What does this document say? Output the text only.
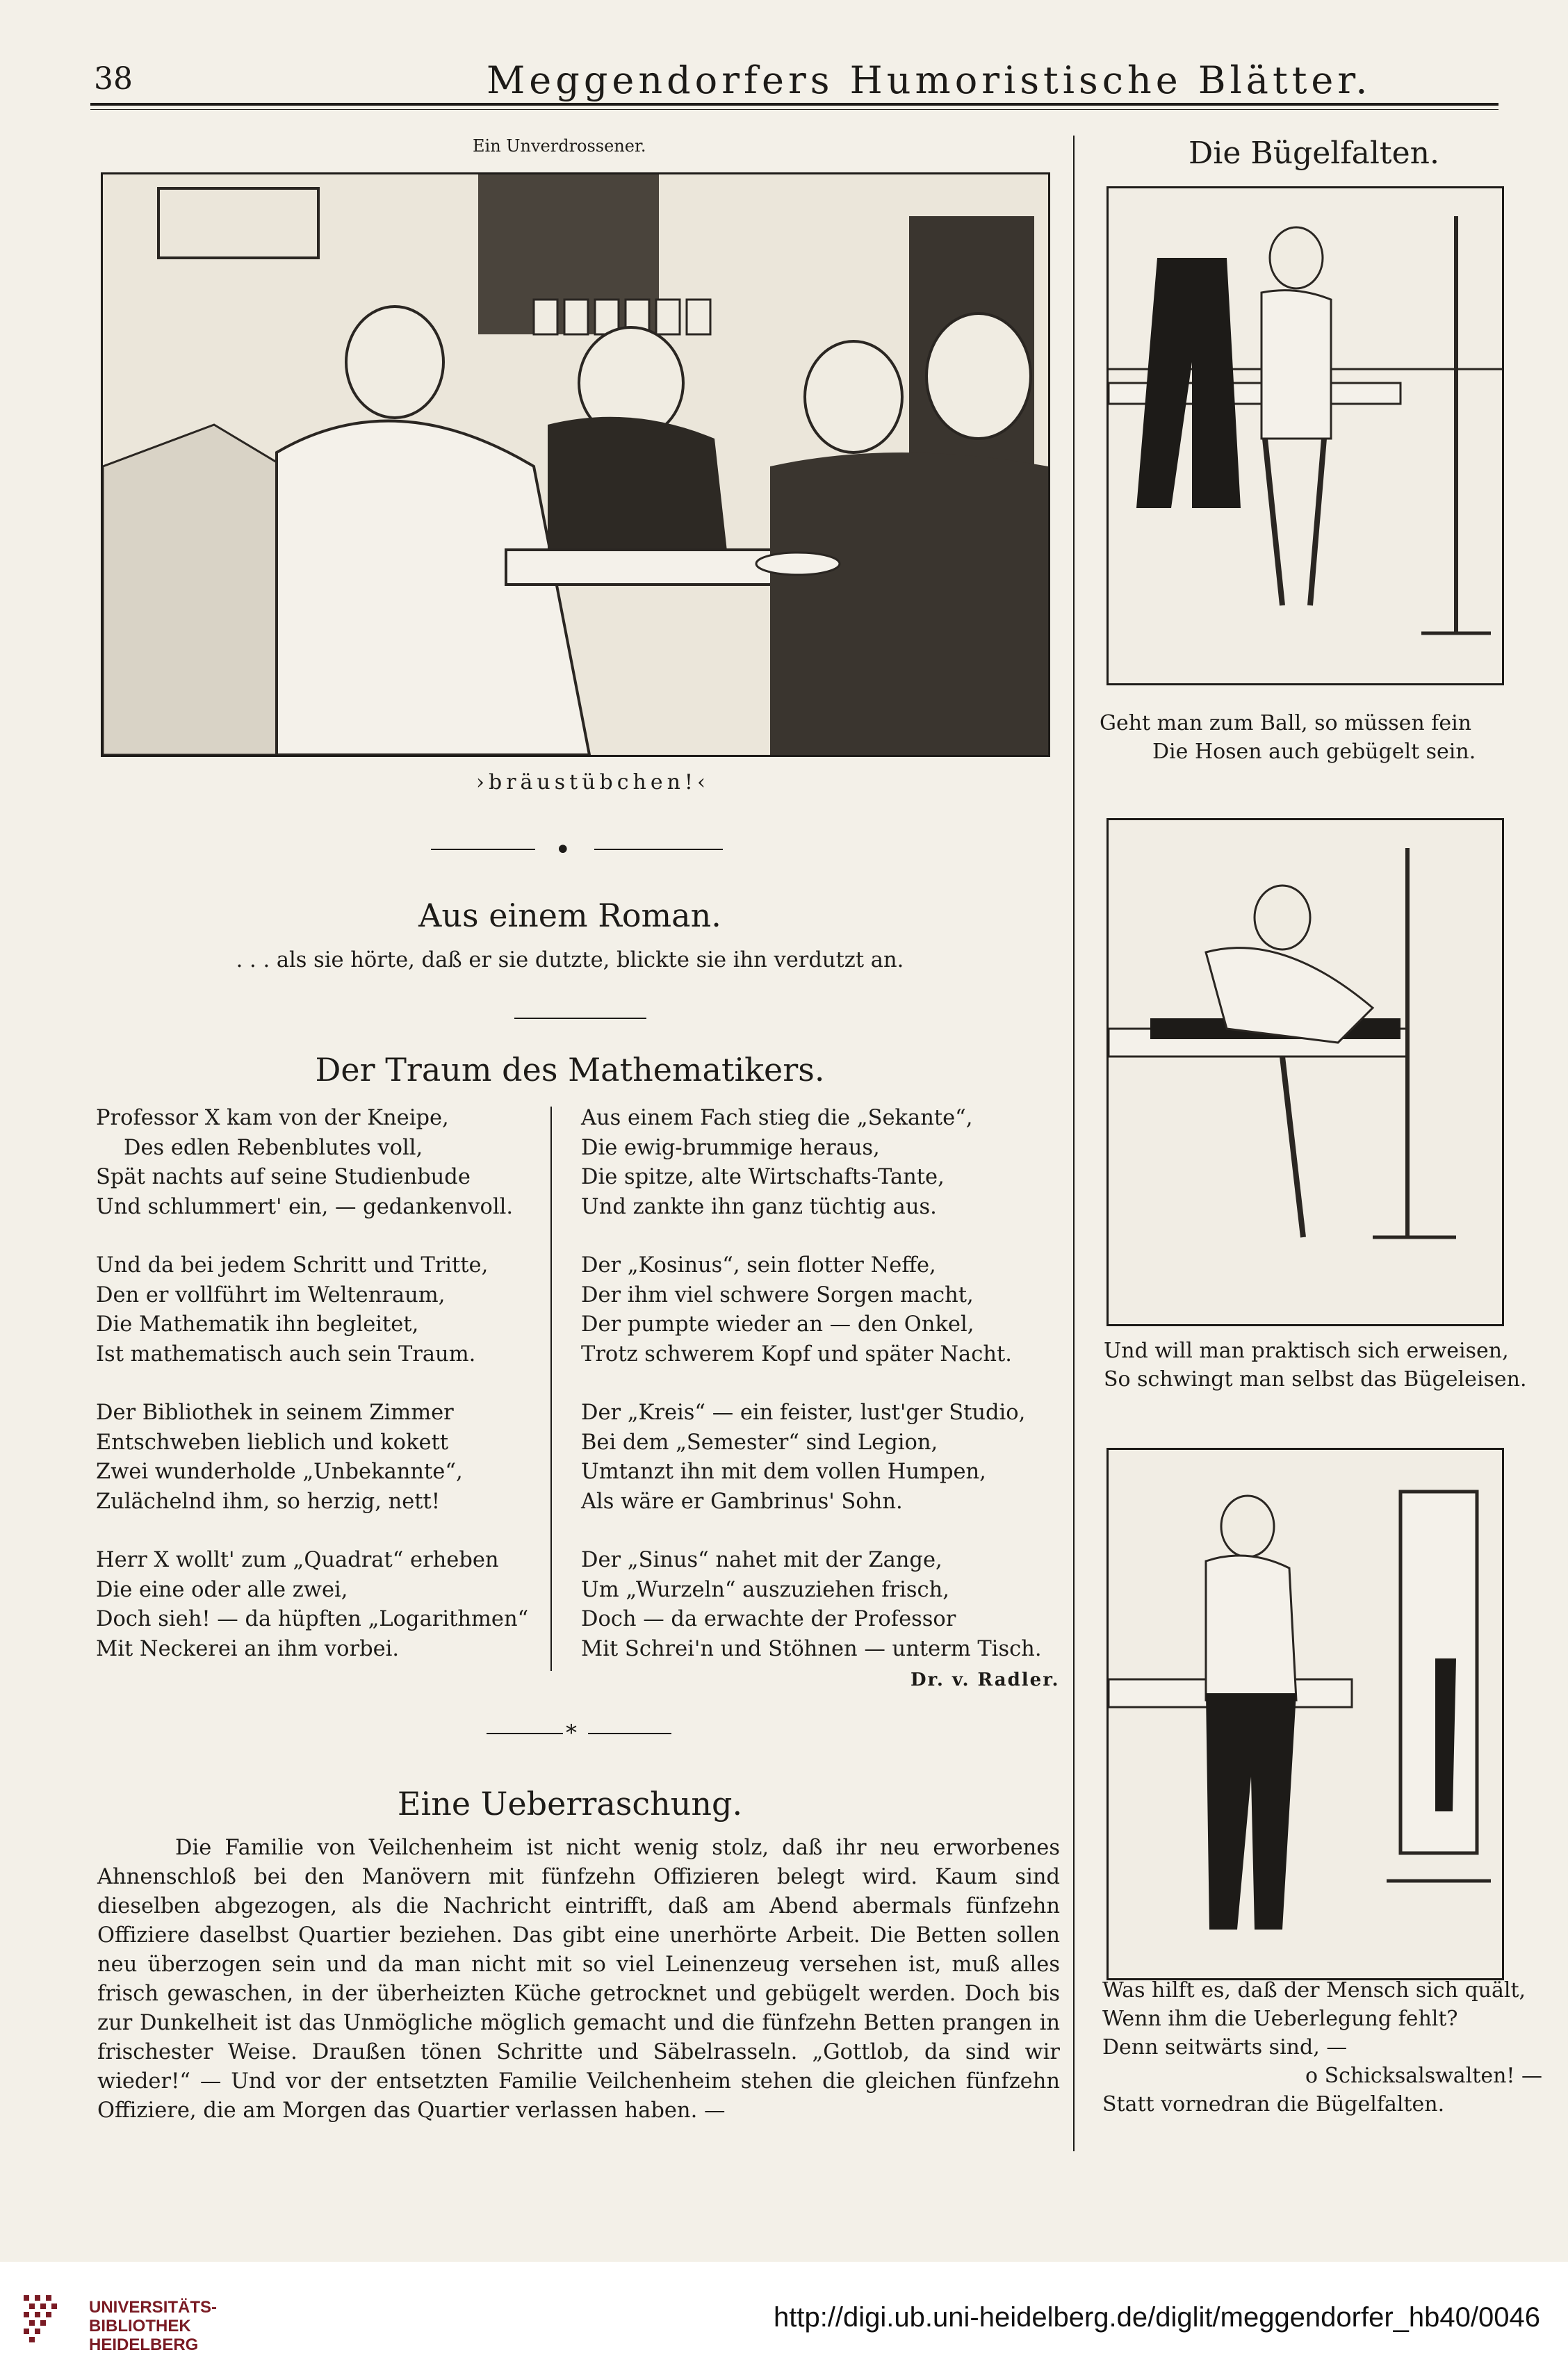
38	Meggendorfers Humoristische Blätter.
Ein Unverdrossener.
›bräustübchen!‹
•
Aus einem Roman.
. . . als sie hörte, daß er sie dutzte, blickte sie ihn verdutzt an.
Der Traum des Mathematikers.
Professor X kam von der Kneipe,
Des edlen Rebenblutes voll,
Spät nachts auf seine Studienbude
Und schlummert' ein, — gedankenvoll.
Und da bei jedem Schritt und Tritte,
Den er vollführt im Weltenraum,
Die Mathematik ihn begleitet,
Ist mathematisch auch sein Traum.
Der Bibliothek in seinem Zimmer
Entschweben lieblich und kokett
Zwei wunderholde „Unbekannte“,
Zulächelnd ihm, so herzig, nett!
Herr X wollt' zum „Quadrat“ erheben
Die eine oder alle zwei,
Doch sieh! — da hüpften „Logarithmen“
Mit Neckerei an ihm vorbei.
Aus einem Fach stieg die „Sekante“,
Die ewig-brummige heraus,
Die spitze, alte Wirtschafts-Tante,
Und zankte ihn ganz tüchtig aus.
Der „Kosinus“, sein flotter Neffe,
Der ihm viel schwere Sorgen macht,
Der pumpte wieder an — den Onkel,
Trotz schwerem Kopf und später Nacht.
Der „Kreis“ — ein feister, lust'ger Studio,
Bei dem „Semester“ sind Legion,
Umtanzt ihn mit dem vollen Humpen,
Als wäre er Gambrinus' Sohn.
Der „Sinus“ nahet mit der Zange,
Um „Wurzeln“ auszuziehen frisch,
Doch — da erwachte der Professor
Mit Schrei'n und Stöhnen — unterm Tisch.
Dr. v. Radler.
*
Eine Ueberraschung.
Die Familie von Veilchenheim ist nicht wenig stolz, daß ihr neu erworbenes Ahnenschloß bei den Manövern mit fünfzehn Offizieren belegt wird. Kaum sind dieselben abgezogen, als die Nachricht eintrifft, daß am Abend abermals fünfzehn Offiziere daselbst Quartier beziehen. Das gibt eine unerhörte Arbeit. Die Betten sollen neu überzogen sein und da man nicht mit so viel Leinenzeug versehen ist, muß alles frisch gewaschen, in der überheizten Küche getrocknet und gebügelt werden. Doch bis zur Dunkelheit ist das Unmögliche möglich gemacht und die fünfzehn Betten prangen in frischester Weise. Draußen tönen Schritte und Säbelrasseln. „Gottlob, da sind wir wieder!“ — Und vor der entsetzten Familie Veilchenheim stehen die gleichen fünfzehn Offiziere, die am Morgen das Quartier verlassen haben. —
Die Bügelfalten.
Geht man zum Ball, so müssen fein
Die Hosen auch gebügelt sein.
Und will man praktisch sich erweisen,
So schwingt man selbst das Bügeleisen.
Was hilft es, daß der Mensch sich quält,
Wenn ihm die Ueberlegung fehlt?
Denn seitwärts sind, —
o Schicksalswalten! —
Statt vornedran die Bügelfalten.
UNIVERSITÄTS-
BIBLIOTHEK
HEIDELBERG
http://digi.ub.uni-heidelberg.de/diglit/meggendorfer_hb40/0046
